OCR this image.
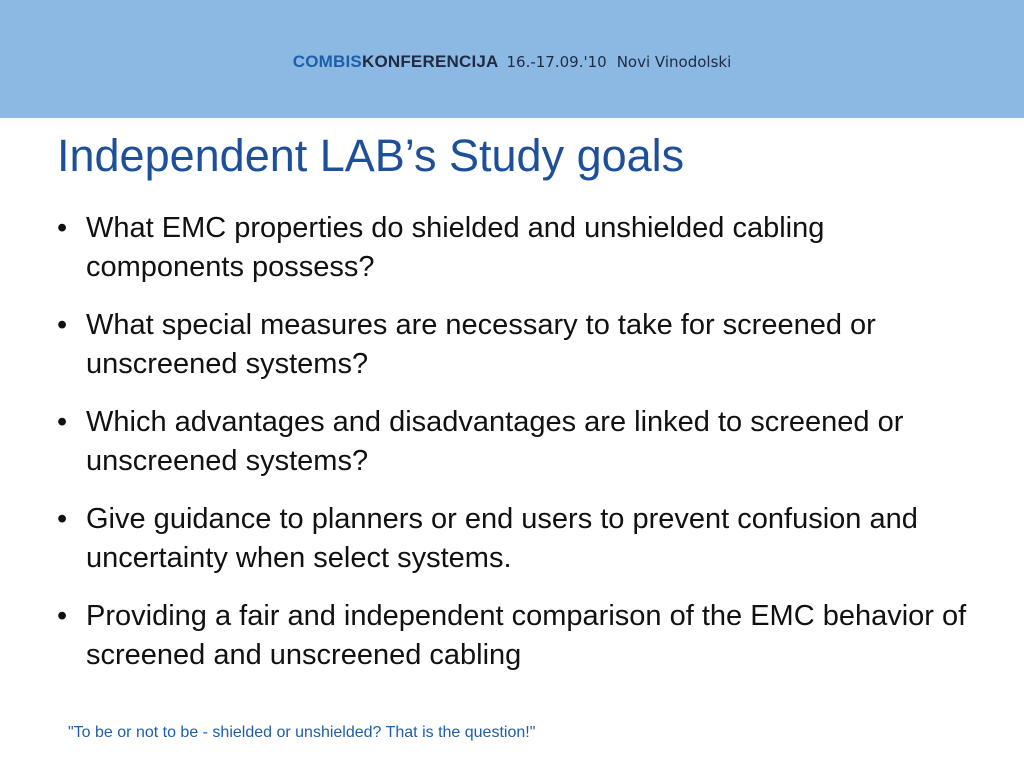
COMBISKONFERENCIJA 16.-17.09.'10 Novi Vinodolski
Independent LAB’s Study goals
• What EMC properties do shielded and unshielded cabling components possess?
• What special measures are necessary to take for screened or unscreened systems?
• Which advantages and disadvantages are linked to screened or unscreened systems?
• Give guidance to planners or end users to prevent confusion and uncertainty when select systems.
• Providing a fair and independent comparison of the EMC behavior of screened and unscreened cabling
"To be or not to be - shielded or unshielded? That is the question!"
